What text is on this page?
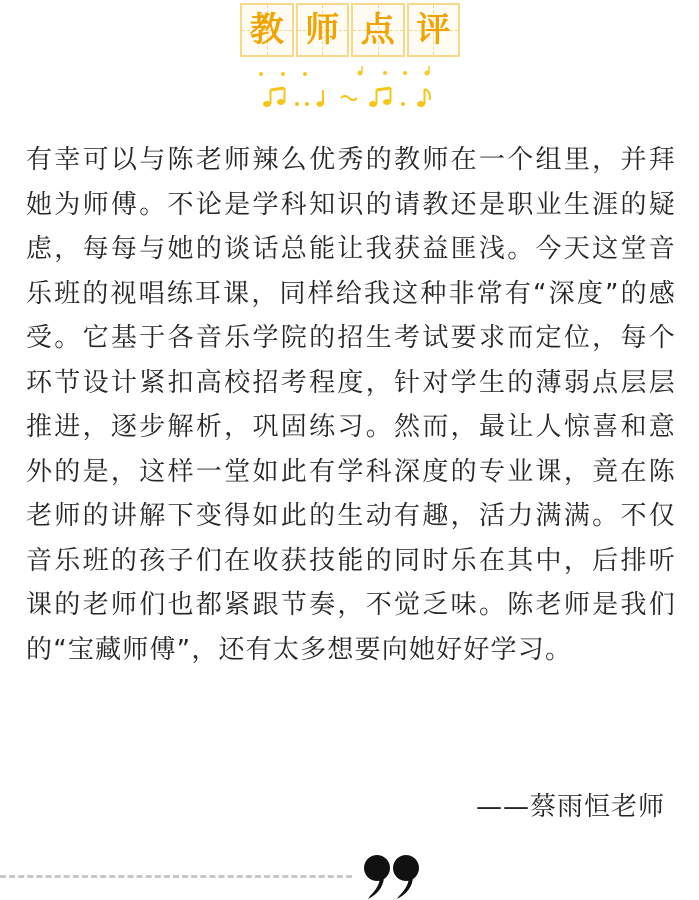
教 师 点 评

有幸可以与陈老师辣么优秀的教师在一个组里，并拜她为师傅。不论是学科知识的请教还是职业生涯的疑虑，每每与她的谈话总能让我获益匪浅。今天这堂音乐班的视唱练耳课，同样给我这种非常有“深度”的感受。它基于各音乐学院的招生考试要求而定位，每个环节设计紧扣高校招考程度，针对学生的薄弱点层层推进，逐步解析，巩固练习。然而，最让人惊喜和意外的是，这样一堂如此有学科深度的专业课，竟在陈老师的讲解下变得如此的生动有趣，活力满满。不仅音乐班的孩子们在收获技能的同时乐在其中，后排听课的老师们也都紧跟节奏，不觉乏味。陈老师是我们的“宝藏师傅”，还有太多想要向她好好学习。

——蔡雨恒老师
